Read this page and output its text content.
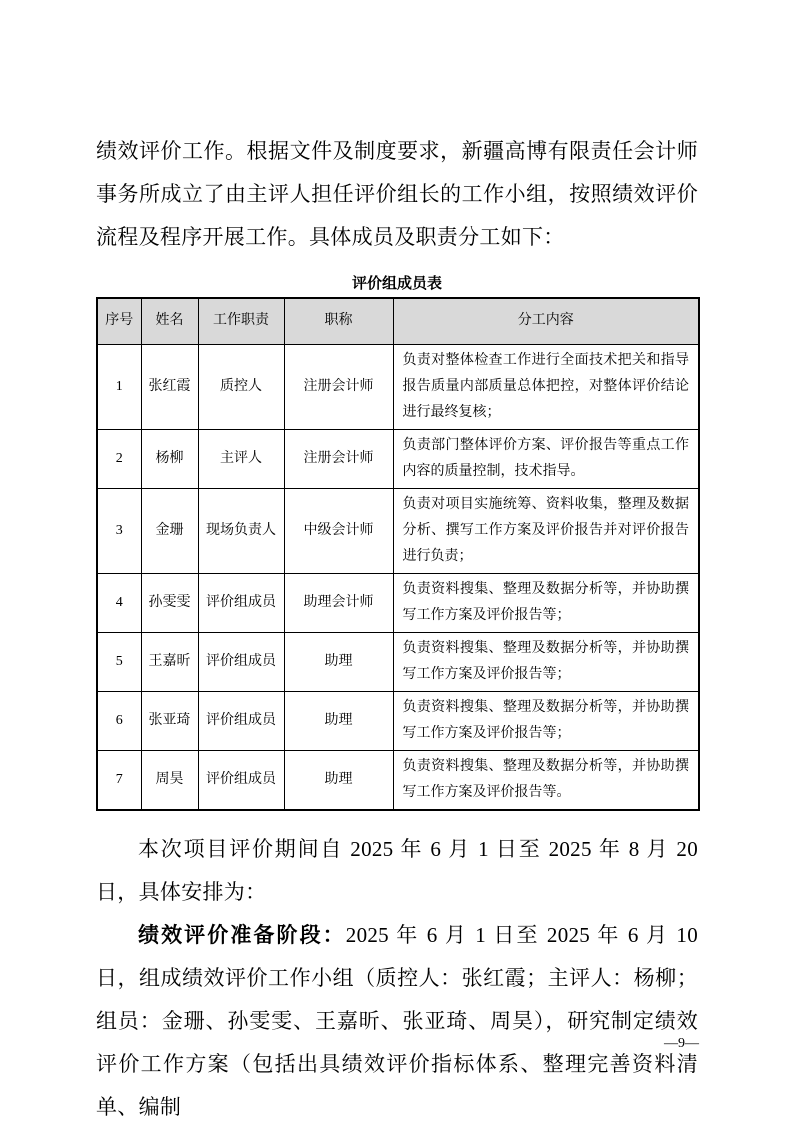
绩效评价工作。根据文件及制度要求，新疆高博有限责任会计师事务所成立了由主评人担任评价组长的工作小组，按照绩效评价流程及程序开展工作。具体成员及职责分工如下：

评价组成员表
序号	姓名	工作职责	职称	分工内容
1	张红霞	质控人	注册会计师	负责对整体检查工作进行全面技术把关和指导报告质量内部质量总体把控，对整体评价结论进行最终复核；
2	杨柳	主评人	注册会计师	负责部门整体评价方案、评价报告等重点工作内容的质量控制，技术指导。
3	金珊	现场负责人	中级会计师	负责对项目实施统筹、资料收集，整理及数据分析、撰写工作方案及评价报告并对评价报告进行负责；
4	孙雯雯	评价组成员	助理会计师	负责资料搜集、整理及数据分析等，并协助撰写工作方案及评价报告等；
5	王嘉昕	评价组成员	助理	负责资料搜集、整理及数据分析等，并协助撰写工作方案及评价报告等；
6	张亚琦	评价组成员	助理	负责资料搜集、整理及数据分析等，并协助撰写工作方案及评价报告等；
7	周昊	评价组成员	助理	负责资料搜集、整理及数据分析等，并协助撰写工作方案及评价报告等。

本次项目评价期间自 2025 年 6 月 1 日至 2025 年 8 月 20 日，具体安排为：

绩效评价准备阶段：2025 年 6 月 1 日至 2025 年 6 月 10 日，组成绩效评价工作小组（质控人：张红霞；主评人：杨柳；组员：金珊、孙雯雯、王嘉昕、张亚琦、周昊），研究制定绩效评价工作方案（包括出具绩效评价指标体系、整理完善资料清单、编制

—9—
